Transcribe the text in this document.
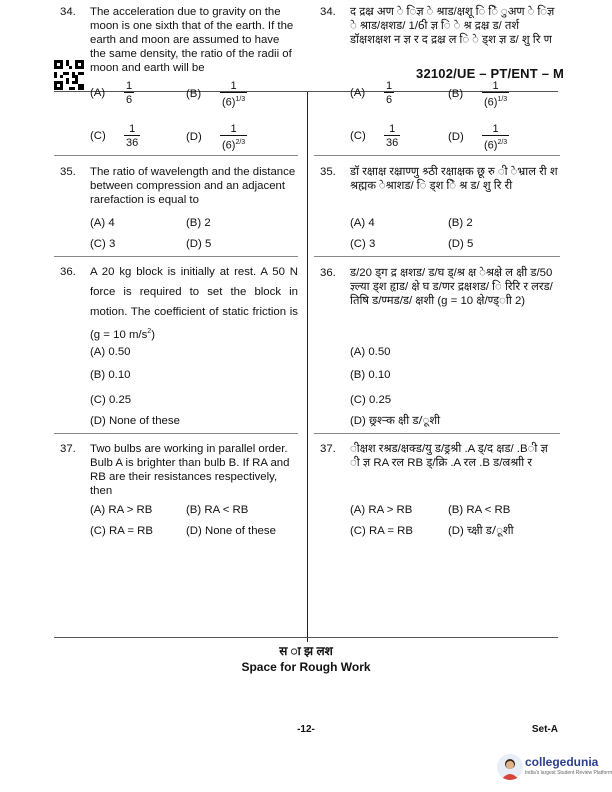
32102/UE – PT/ENT – M
34. The acceleration due to gravity on the moon is one sixth that of the earth. If the earth and moon are assumed to have the same density, the ratio of the radii of moon and earth will be
$(A) \frac{1}{6}$	$(B) \frac{1}{(6)^{1/3}}$
$(C) \frac{1}{36}$	$(D) \frac{1}{(6)^{2/3}}$
35. The ratio of wavelength and the distance between compression and an adjacent rarefaction is equal to
(A) 4	(B) 2
(C) 3	(D) 5
36. A 20 kg block is initially at rest. A 50 N force is required to set the block in motion. The coefficient of static friction is (g = 10 $m/s^2$)
(A) 0.50
(B) 0.10
(C) 0.25
(D) None of these
37. Two bulbs are working in parallel order. Bulb A is brighter than bulb B. If RA and RB are their resistances respectively, then
(A) RA > RB	(B) RA < RB
(C) RA = RB	(D) None of these
34. द द्रक्ष्र अण े िज्ञ े श्राड/क्षशू ि ेि ुअण े िज्ञ े श्राड/क्षशड/ 1/6ी ज्ञ ि े श्र द्रक्ष्र ड/ तर्श डॉक्षशक्षश न ज्ञ र द द्रक्ष्र ल ि े ड्श ज्ञ ड/ शु रि ण
$(A) \frac{1}{6}$	$(B) \frac{1}{(6)^{1/3}}$
$(C) \frac{1}{36}$	$(D) \frac{1}{(6)^{2/3}}$
35. डॉ रक्षाक्ष रक्ष्राण्णु श्र्ठी रक्षाक्षक छू रु ी ेभ्राल री श श्रह्मक ेश्राशड/ ि ड्श ेि श्र ड/ शु रि री
(A) 4	(B) 2
(C) 3	(D) 5
36. ड/20 ड्ग द्र क्षशड/ ड/घ ड्/श्र क्ष ेश्रक्षे ल क्षी ड/50 ज्ञ्ल्या ड्श हृाड/ क्षे घ ड/णर द्रक्षशड/ ि रिरि र लरड/तिषि ड/ण्मड/ड/ क्षशी (g = 10 क्षे/ण्ड्ाी 2)
(A) 0.50
(B) 0.10
(C) 0.25
(D) छ्र्श्ऱ्क क्षी ड/ूशी
37. ीक्षश रश्रड/क्षक्ड/यु ड/ड्रश्री .A ड्/द क्षड/ .Bी ज्ञ ी ज्ञ RA रल RB ड्/क्रि .A रल .B ड/ल्रश्राी र
(A) RA > RB	(B) RA < RB
(C) RA = RB	(D) च्क्षी ड/ूशी
स ा झ लश
Space for Rough Work
-12-	Set-A
collegedunia
India's largest Student Review Platform
